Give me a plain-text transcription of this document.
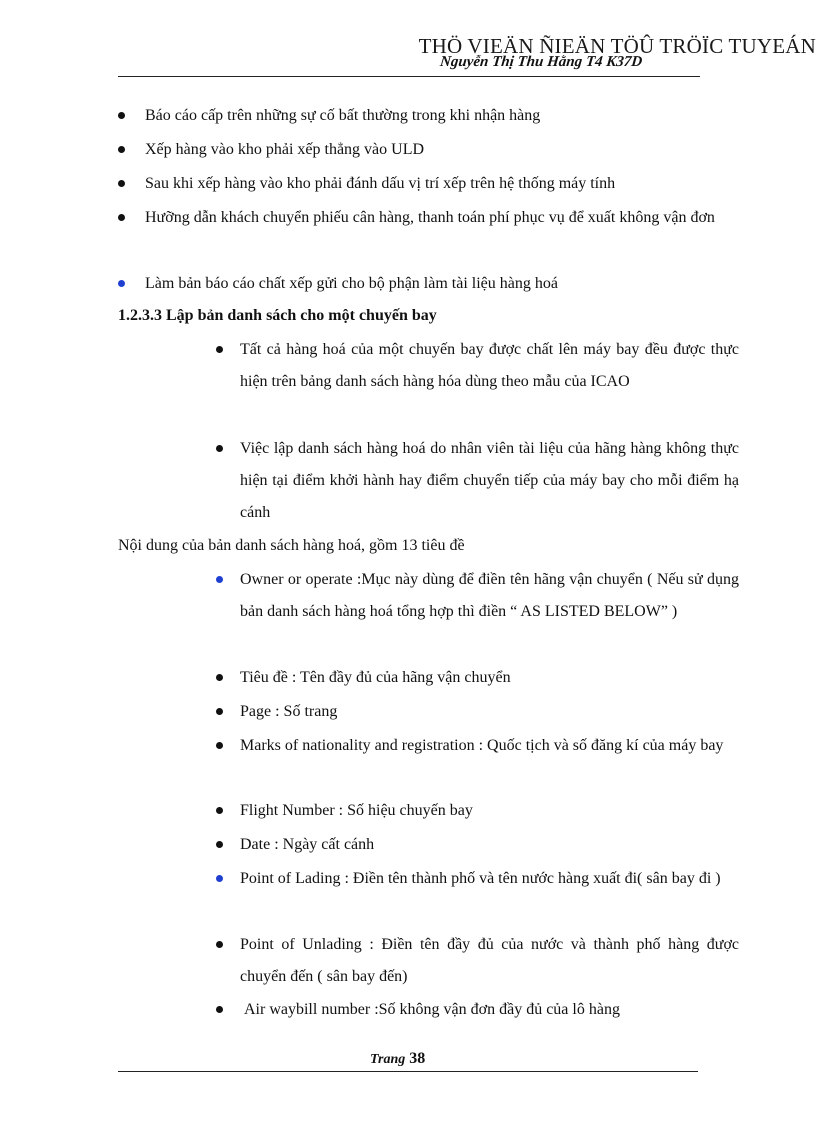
THÖ VIEÄN ÑIEÄN TÖÛ TRÖÏC TUYEÁN
Nguyễn Thị Thu Hằng T4 K37D
Báo cáo cấp trên những sự cố bất thường trong khi nhận hàng
Xếp hàng vào kho phải xếp thẳng vào ULD
Sau khi xếp hàng vào kho phải đánh dấu vị trí xếp trên hệ thống máy tính
Hưỡng dẫn khách chuyển phiếu cân hàng, thanh toán phí phục vụ để xuất không vận đơn
Làm bản báo cáo chất xếp gửi cho bộ phận làm tài liệu hàng hoá
1.2.3.3 Lập bản danh sách cho một chuyến bay
Tất cả hàng hoá của một chuyến bay được chất lên máy bay đều được thực hiện trên bảng danh sách hàng hóa dùng theo mẫu của ICAO
Việc lập danh sách hàng hoá do nhân viên tài liệu của hãng hàng không thực hiện tại điểm khởi hành hay điểm chuyển tiếp của máy bay cho mỗi điểm hạ cánh
Nội dung của bản danh sách hàng hoá, gồm 13 tiêu đề
Owner or operate :Mục này dùng để điền tên hãng vận chuyển ( Nếu sử dụng bản danh sách hàng hoá tổng hợp thì điền “ AS LISTED BELOW” )
Tiêu đề : Tên đầy đủ của hãng vận chuyển
Page : Số trang
Marks of nationality and registration : Quốc tịch và số đăng kí của máy bay
Flight Number : Số hiệu chuyến bay
Date : Ngày cất cánh
Point of Lading : Điền tên thành phố và tên nước hàng xuất đi( sân bay đi )
Point of Unlading : Điền tên đầy đủ của nước và thành phố hàng được chuyển đến ( sân bay đến)
Air waybill number :Số không vận đơn đầy đủ của lô hàng
Trang 38
